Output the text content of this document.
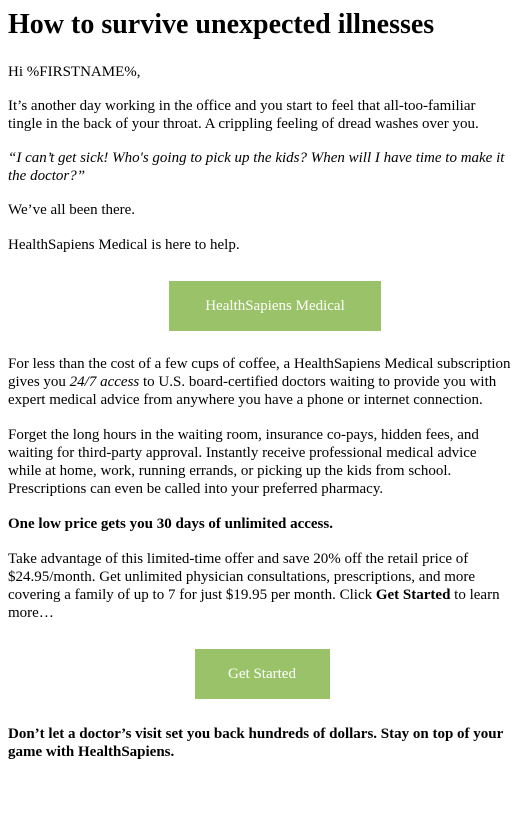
How to survive unexpected illnesses

Hi %FIRSTNAME%,

It’s another day working in the office and you start to feel that all-too-familiar tingle in the back of your throat. A crippling feeling of dread washes over you.

“I can’t get sick! Who's going to pick up the kids? When will I have time to make it the doctor?”

We’ve all been there.

HealthSapiens Medical is here to help.

HealthSapiens Medical

For less than the cost of a few cups of coffee, a HealthSapiens Medical subscription gives you 24/7 access to U.S. board-certified doctors waiting to provide you with expert medical advice from anywhere you have a phone or internet connection.

Forget the long hours in the waiting room, insurance co-pays, hidden fees, and waiting for third-party approval. Instantly receive professional medical advice while at home, work, running errands, or picking up the kids from school. Prescriptions can even be called into your preferred pharmacy.

One low price gets you 30 days of unlimited access.

Take advantage of this limited-time offer and save 20% off the retail price of $24.95/month. Get unlimited physician consultations, prescriptions, and more covering a family of up to 7 for just $19.95 per month. Click Get Started to learn more…

Get Started

Don’t let a doctor’s visit set you back hundreds of dollars. Stay on top of your game with HealthSapiens.
